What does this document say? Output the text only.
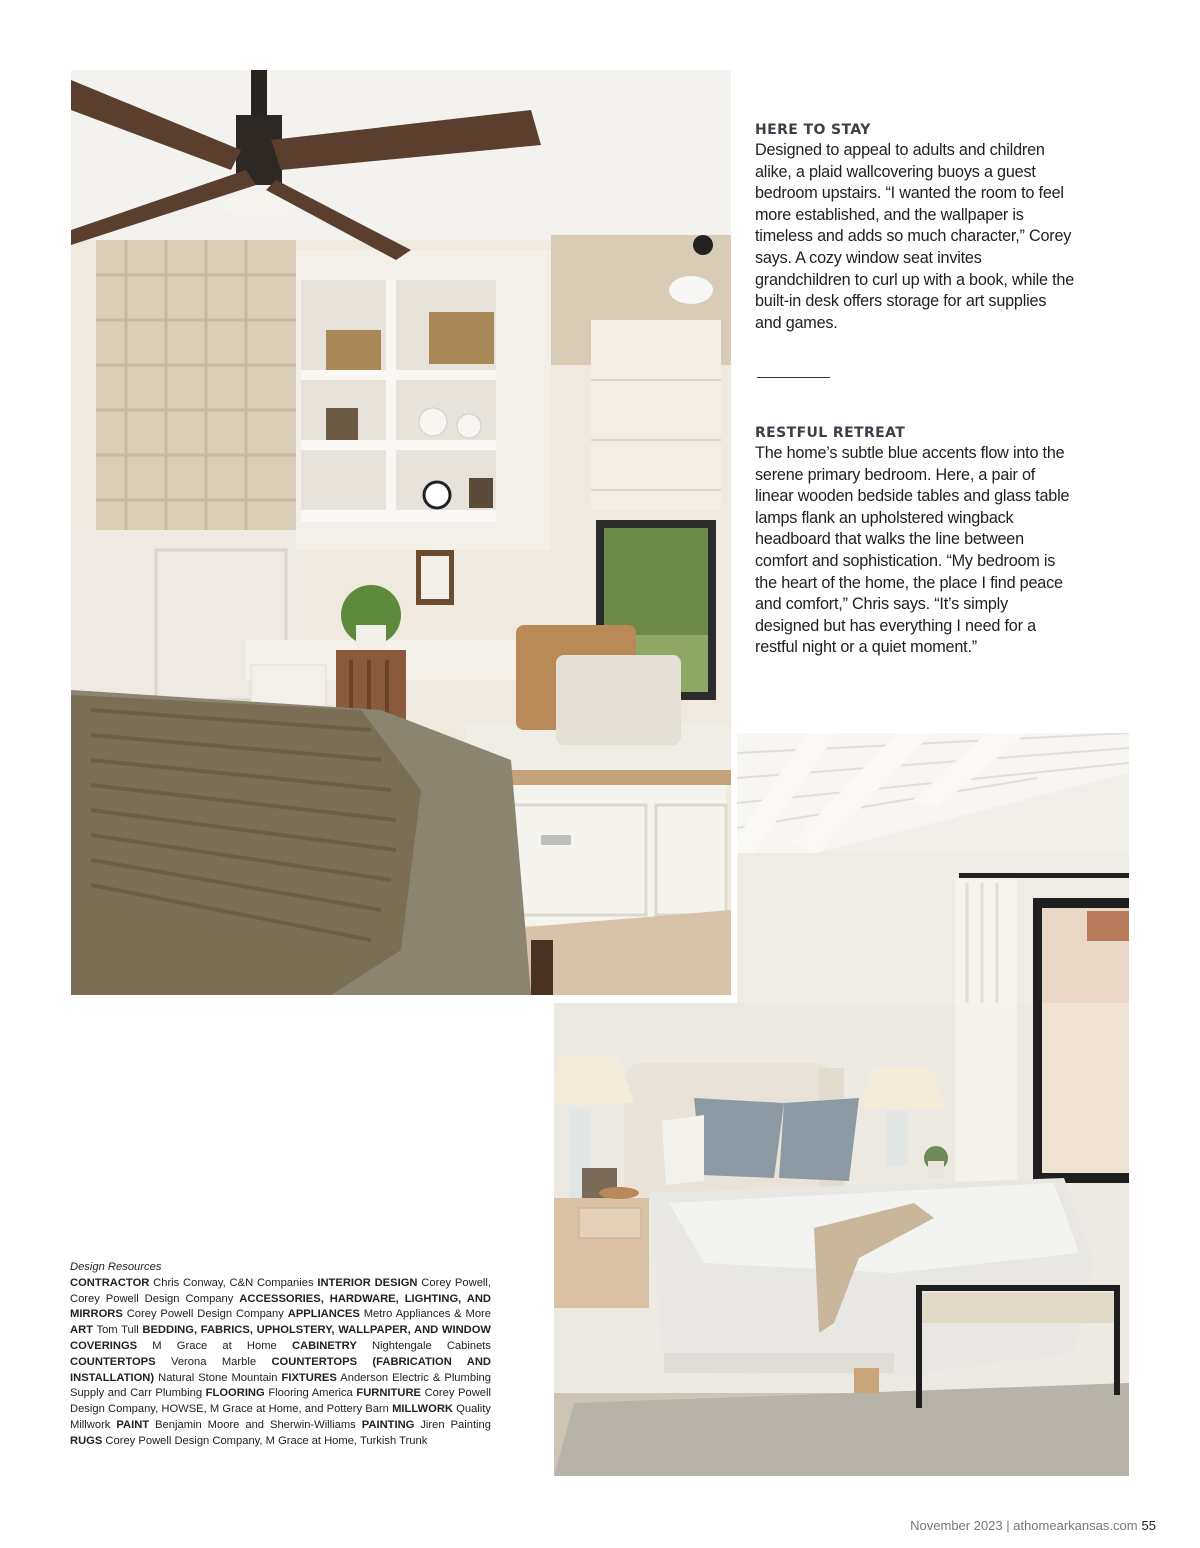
HERE TO STAY

Designed to appeal to adults and children alike, a plaid wallcovering buoys a guest bedroom upstairs. “I wanted the room to feel more established, and the wallpaper is timeless and adds so much character,” Corey says. A cozy window seat invites grandchildren to curl up with a book, while the built-in desk offers storage for art supplies and games.

RESTFUL RETREAT

The home’s subtle blue accents flow into the serene primary bedroom. Here, a pair of linear wooden bedside tables and glass table lamps flank an upholstered wingback headboard that walks the line between comfort and sophistication. “My bedroom is the heart of the home, the place I find peace and comfort,” Chris says. “It’s simply designed but has everything I need for a restful night or a quiet moment.”

Design Resources
CONTRACTOR Chris Conway, C&N Companies INTERIOR DESIGN Corey Powell, Corey Powell Design Company ACCESSORIES, HARDWARE, LIGHTING, AND MIRRORS Corey Powell Design Company APPLIANCES Metro Appliances & More ART Tom Tull BEDDING, FABRICS, UPHOLSTERY, WALLPAPER, AND WINDOW COVERINGS M Grace at Home CABINETRY Nightengale Cabinets COUNTERTOPS Verona Marble COUNTERTOPS (FABRICATION AND INSTALLATION) Natural Stone Mountain FIXTURES Anderson Electric & Plumbing Supply and Carr Plumbing FLOORING Flooring America FURNITURE Corey Powell Design Company, HOWSE, M Grace at Home, and Pottery Barn MILLWORK Quality Millwork PAINT Benjamin Moore and Sherwin-Williams PAINTING Jiren Painting RUGS Corey Powell Design Company, M Grace at Home, Turkish Trunk
November 2023 | athomearkansas.com 55
